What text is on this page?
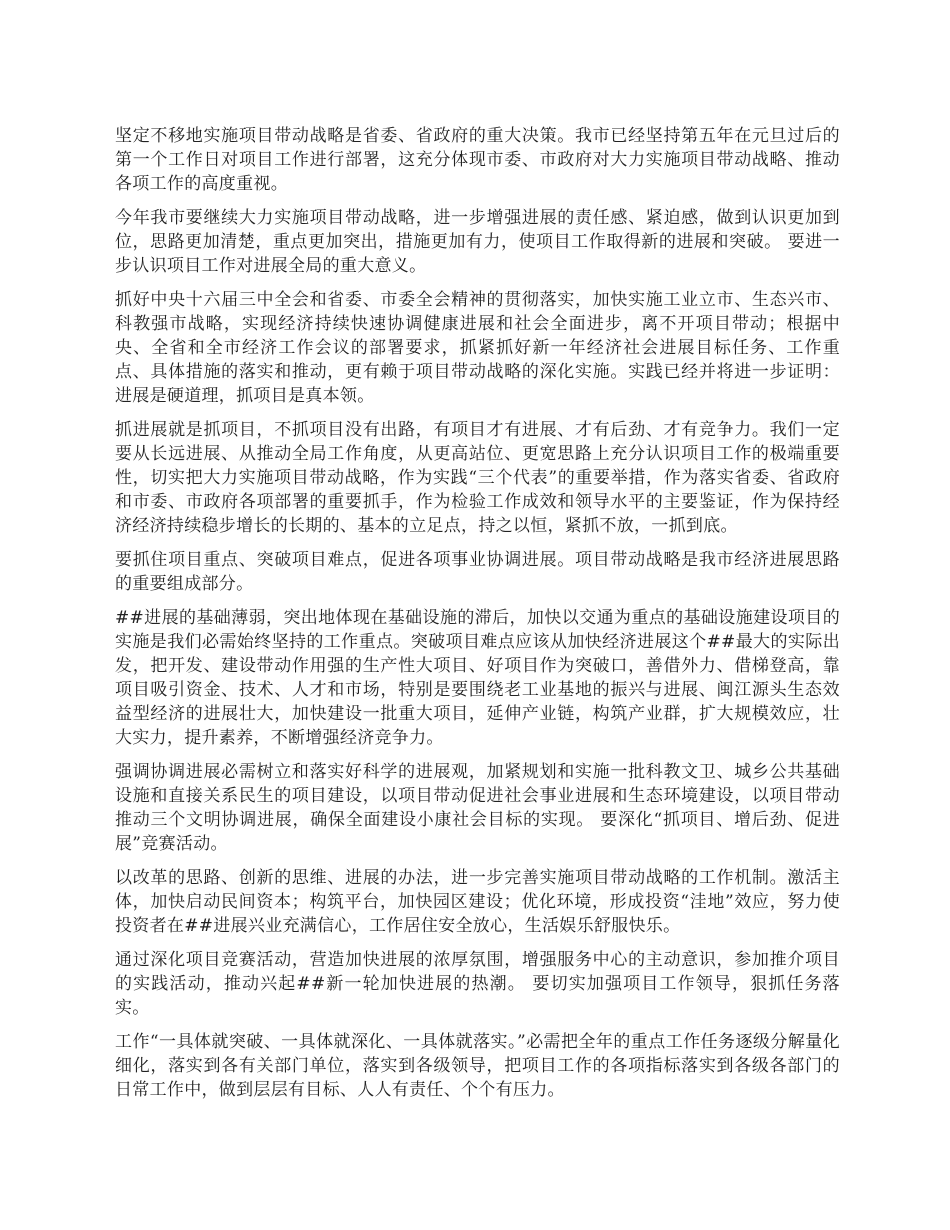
坚定不移地实施项目带动战略是省委、省政府的重大决策。我市已经坚持第五年在元旦过后的第一个工作日对项目工作进行部署，这充分体现市委、市政府对大力实施项目带动战略、推动各项工作的高度重视。

今年我市要继续大力实施项目带动战略，进一步增强进展的责任感、紧迫感，做到认识更加到位，思路更加清楚，重点更加突出，措施更加有力，使项目工作取得新的进展和突破。 要进一步认识项目工作对进展全局的重大意义。

抓好中央十六届三中全会和省委、市委全会精神的贯彻落实，加快实施工业立市、生态兴市、科教强市战略，实现经济持续快速协调健康进展和社会全面进步，离不开项目带动；根据中央、全省和全市经济工作会议的部署要求，抓紧抓好新一年经济社会进展目标任务、工作重点、具体措施的落实和推动，更有赖于项目带动战略的深化实施。实践已经并将进一步证明：进展是硬道理，抓项目是真本领。

抓进展就是抓项目，不抓项目没有出路，有项目才有进展、才有后劲、才有竞争力。我们一定要从长远进展、从推动全局工作角度，从更高站位、更宽思路上充分认识项目工作的极端重要性，切实把大力实施项目带动战略，作为实践“三个代表”的重要举措，作为落实省委、省政府和市委、市政府各项部署的重要抓手，作为检验工作成效和领导水平的主要鉴证，作为保持经济经济持续稳步增长的长期的、基本的立足点，持之以恒，紧抓不放，一抓到底。

要抓住项目重点、突破项目难点，促进各项事业协调进展。项目带动战略是我市经济进展思路的重要组成部分。

##进展的基础薄弱，突出地体现在基础设施的滞后，加快以交通为重点的基础设施建设项目的实施是我们必需始终坚持的工作重点。突破项目难点应该从加快经济进展这个##最大的实际出发，把开发、建设带动作用强的生产性大项目、好项目作为突破口，善借外力、借梯登高，靠项目吸引资金、技术、人才和市场，特别是要围绕老工业基地的振兴与进展、闽江源头生态效益型经济的进展壮大，加快建设一批重大项目，延伸产业链，构筑产业群，扩大规模效应，壮大实力，提升素养，不断增强经济竞争力。

强调协调进展必需树立和落实好科学的进展观，加紧规划和实施一批科教文卫、城乡公共基础设施和直接关系民生的项目建设，以项目带动促进社会事业进展和生态环境建设，以项目带动推动三个文明协调进展，确保全面建设小康社会目标的实现。 要深化“抓项目、增后劲、促进展”竞赛活动。

以改革的思路、创新的思维、进展的办法，进一步完善实施项目带动战略的工作机制。激活主体，加快启动民间资本；构筑平台，加快园区建设；优化环境，形成投资“洼地”效应，努力使投资者在##进展兴业充满信心，工作居住安全放心，生活娱乐舒服快乐。

通过深化项目竞赛活动，营造加快进展的浓厚氛围，增强服务中心的主动意识，参加推介项目的实践活动，推动兴起##新一轮加快进展的热潮。 要切实加强项目工作领导，狠抓任务落实。

工作“一具体就突破、一具体就深化、一具体就落实。”必需把全年的重点工作任务逐级分解量化细化，落实到各有关部门单位，落实到各级领导，把项目工作的各项指标落实到各级各部门的日常工作中，做到层层有目标、人人有责任、个个有压力。
